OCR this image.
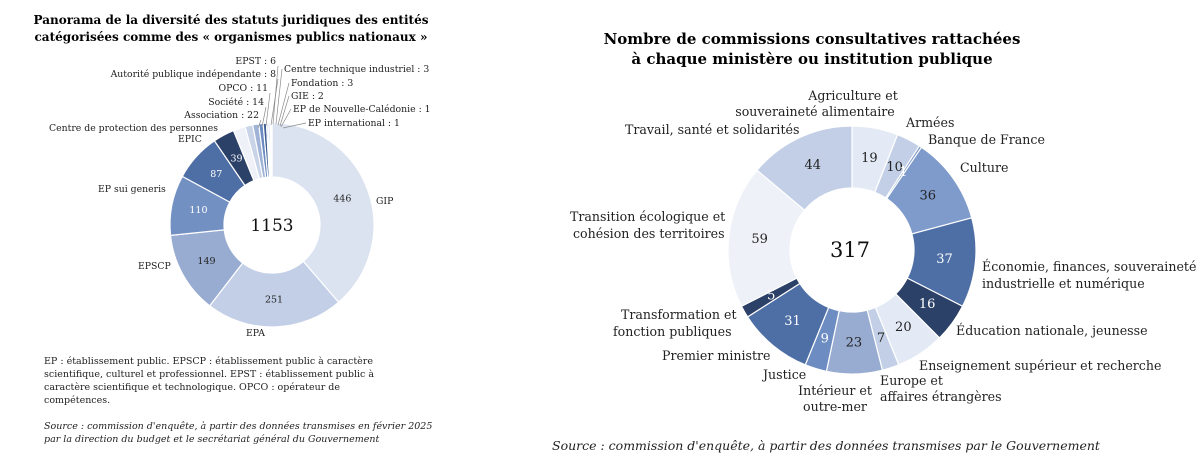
Panorama de la diversité des statuts juridiques des entités
catégorisées comme des « organismes publics nationaux »
446
251
149
110
87
39
1153
GIP
EPA
EPSCP
EP sui generis
EPIC
Centre de protection des personnes
EPST : 6
Autorité publique indépendante : 8
OPCO : 11
Société : 14
Association : 22
Centre technique industriel : 3
Fondation : 3
GIE : 2
EP de Nouvelle-Calédonie : 1
EP international : 1
EP : établissement public. EPSCP : établissement public à caractère
scientifique, culturel et professionnel. EPST : établissement public à
caractère scientifique et technologique. OPCO : opérateur de
compétences.
Source : commission d'enquête, à partir des données transmises en février 2025
par la direction du budget et le secrétariat général du Gouvernement
Nombre de commissions consultatives rattachées
à chaque ministère ou institution publique
19
10
1
36
37
16
20
7
23
9
31
5
59
44
317
Agriculture et
souveraineté alimentaire
Armées
Banque de France
Culture
Économie, finances, souveraineté
industrielle et numérique
Éducation nationale, jeunesse
Enseignement supérieur et recherche
Europe et
affaires étrangères
Intérieur et
outre-mer
Justice
Premier ministre
Transformation et
fonction publiques
Transition écologique et
cohésion des territoires
Travail, santé et solidarités
Source : commission d'enquête, à partir des données transmises par le Gouvernement
